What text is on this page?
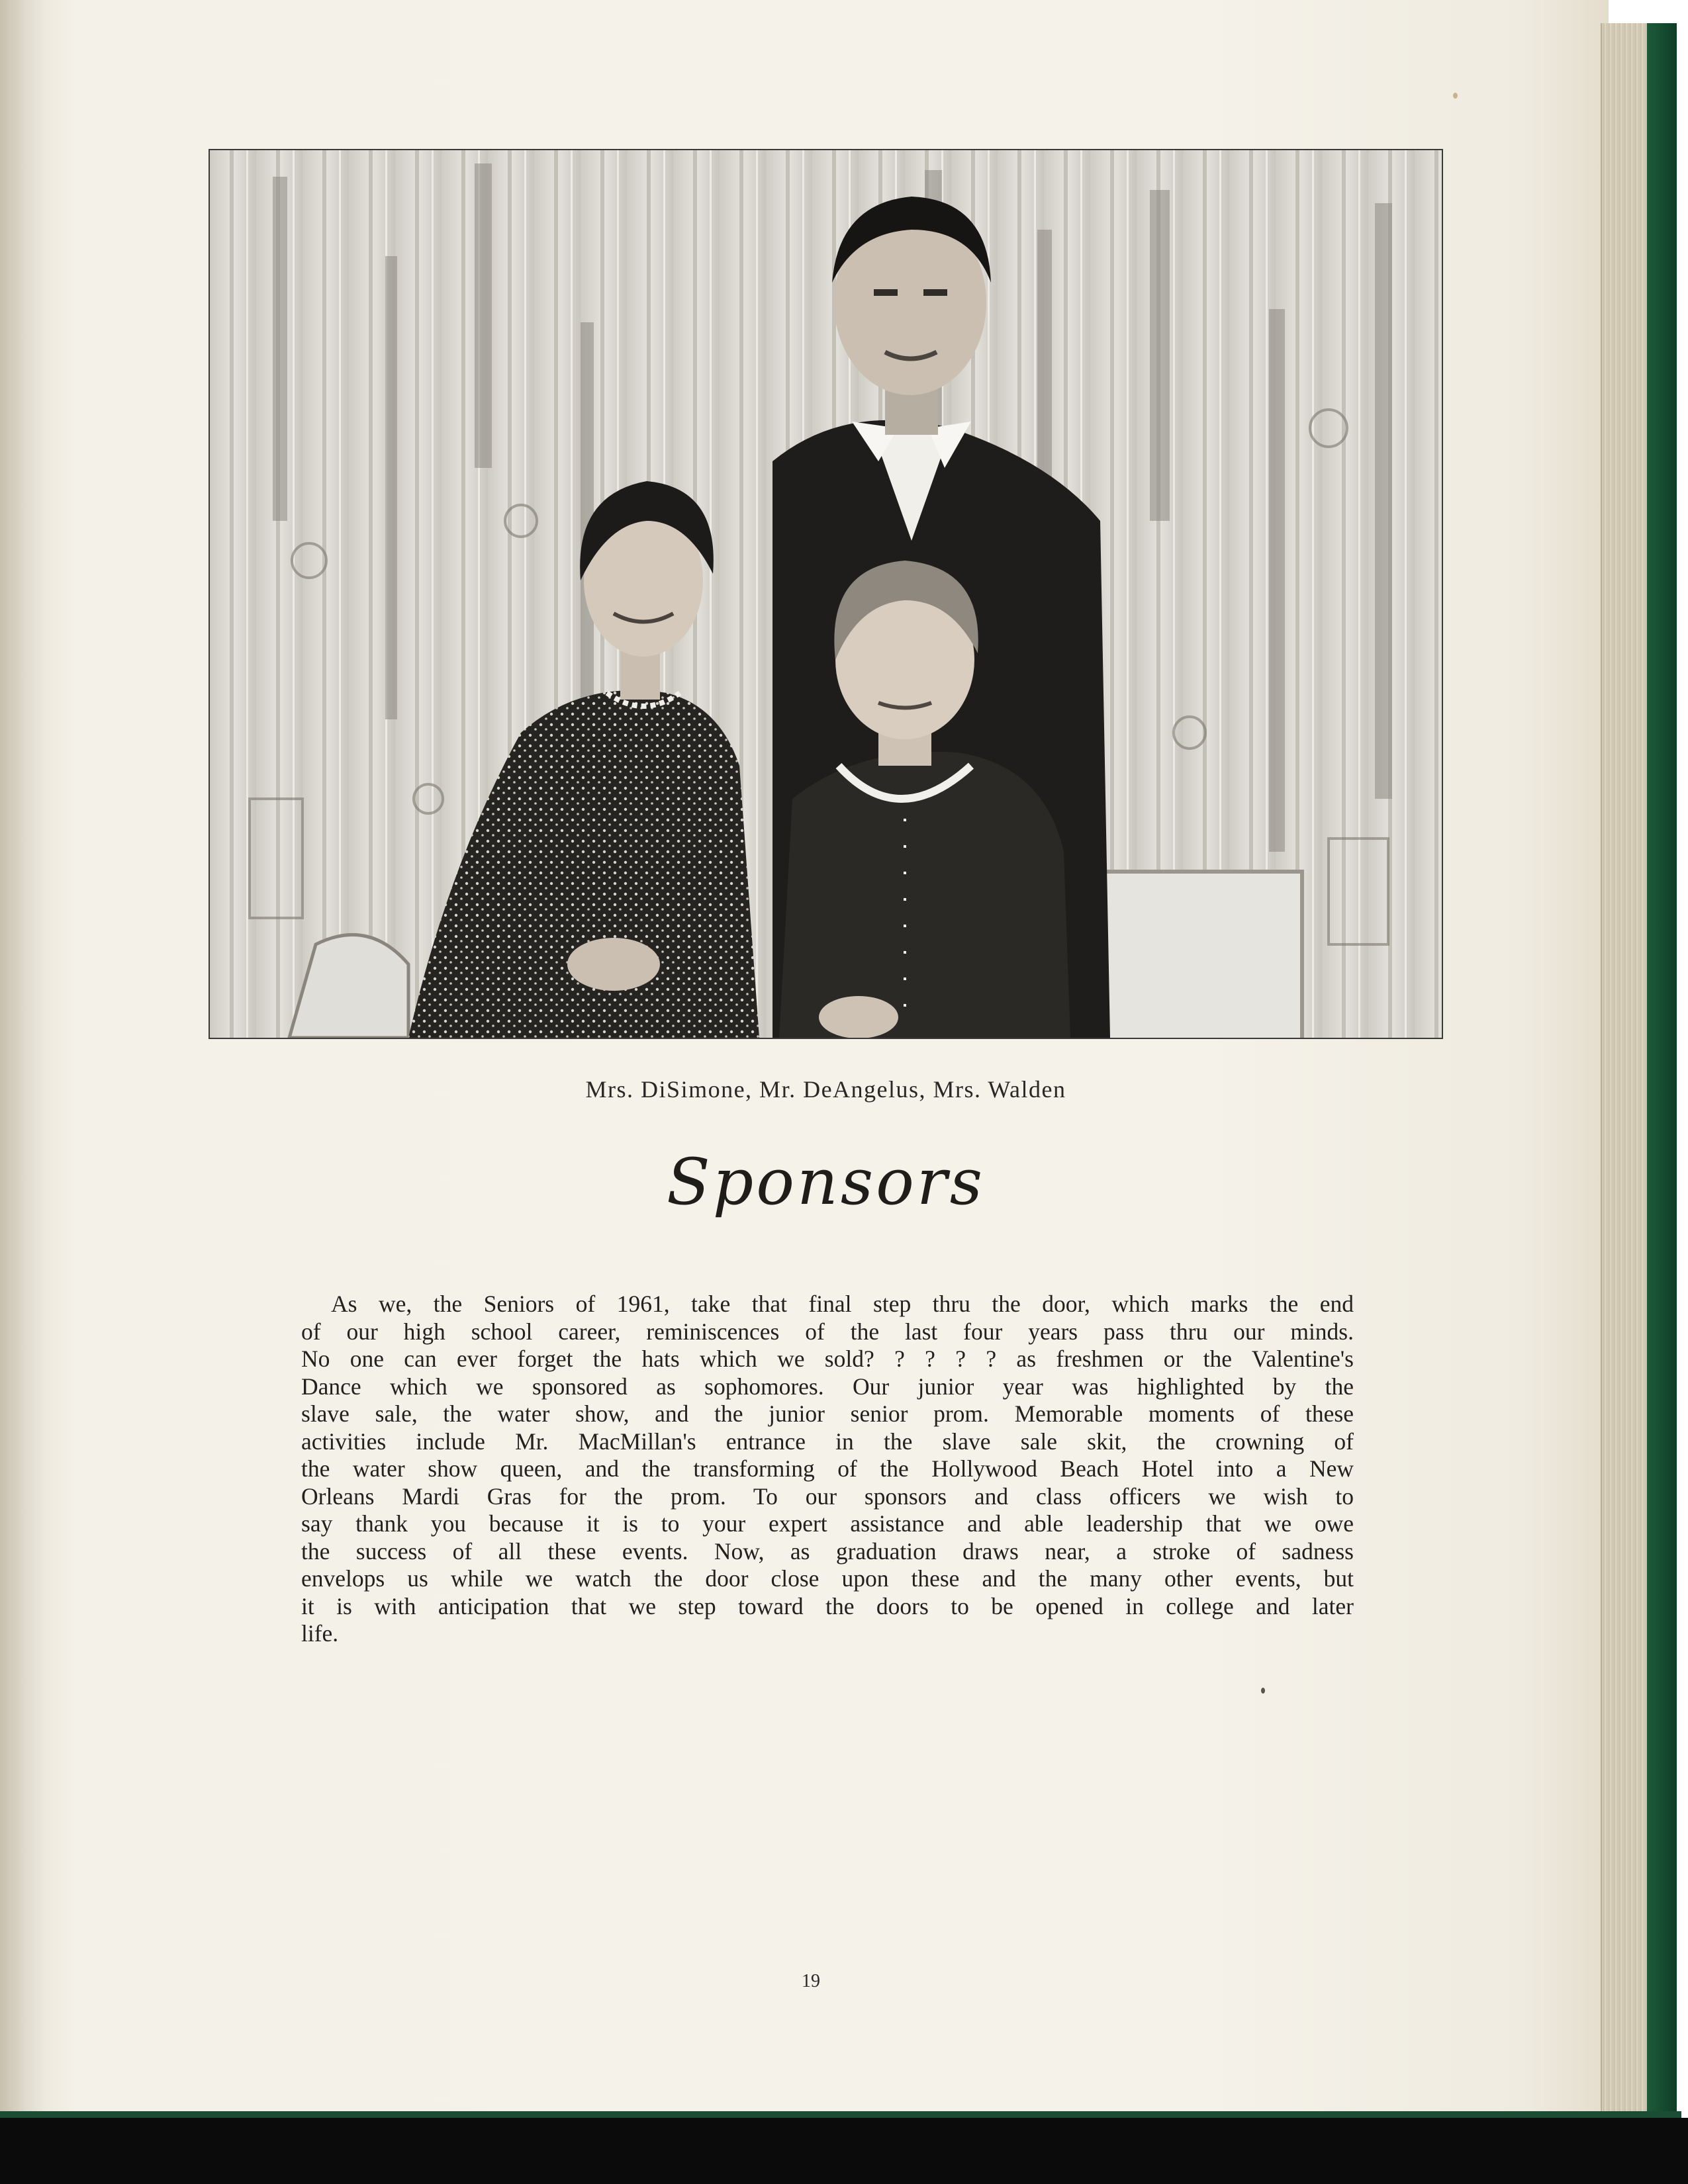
Mrs. DiSimone, Mr. DeAngelus, Mrs. Walden
Sponsors
As we, the Seniors of 1961, take that final step thru the door, which marks the end
of our high school career, reminiscences of the last four years pass thru our minds.
No one can ever forget the hats which we sold? ? ? ? ? as freshmen or the Valentine's
Dance which we sponsored as sophomores. Our junior year was highlighted by the
slave sale, the water show, and the junior senior prom. Memorable moments of these
activities include Mr. MacMillan's entrance in the slave sale skit, the crowning of
the water show queen, and the transforming of the Hollywood Beach Hotel into a New
Orleans Mardi Gras for the prom. To our sponsors and class officers we wish to
say thank you because it is to your expert assistance and able leadership that we owe
the success of all these events. Now, as graduation draws near, a stroke of sadness
envelops us while we watch the door close upon these and the many other events, but
it is with anticipation that we step toward the doors to be opened in college and later
life.
19
